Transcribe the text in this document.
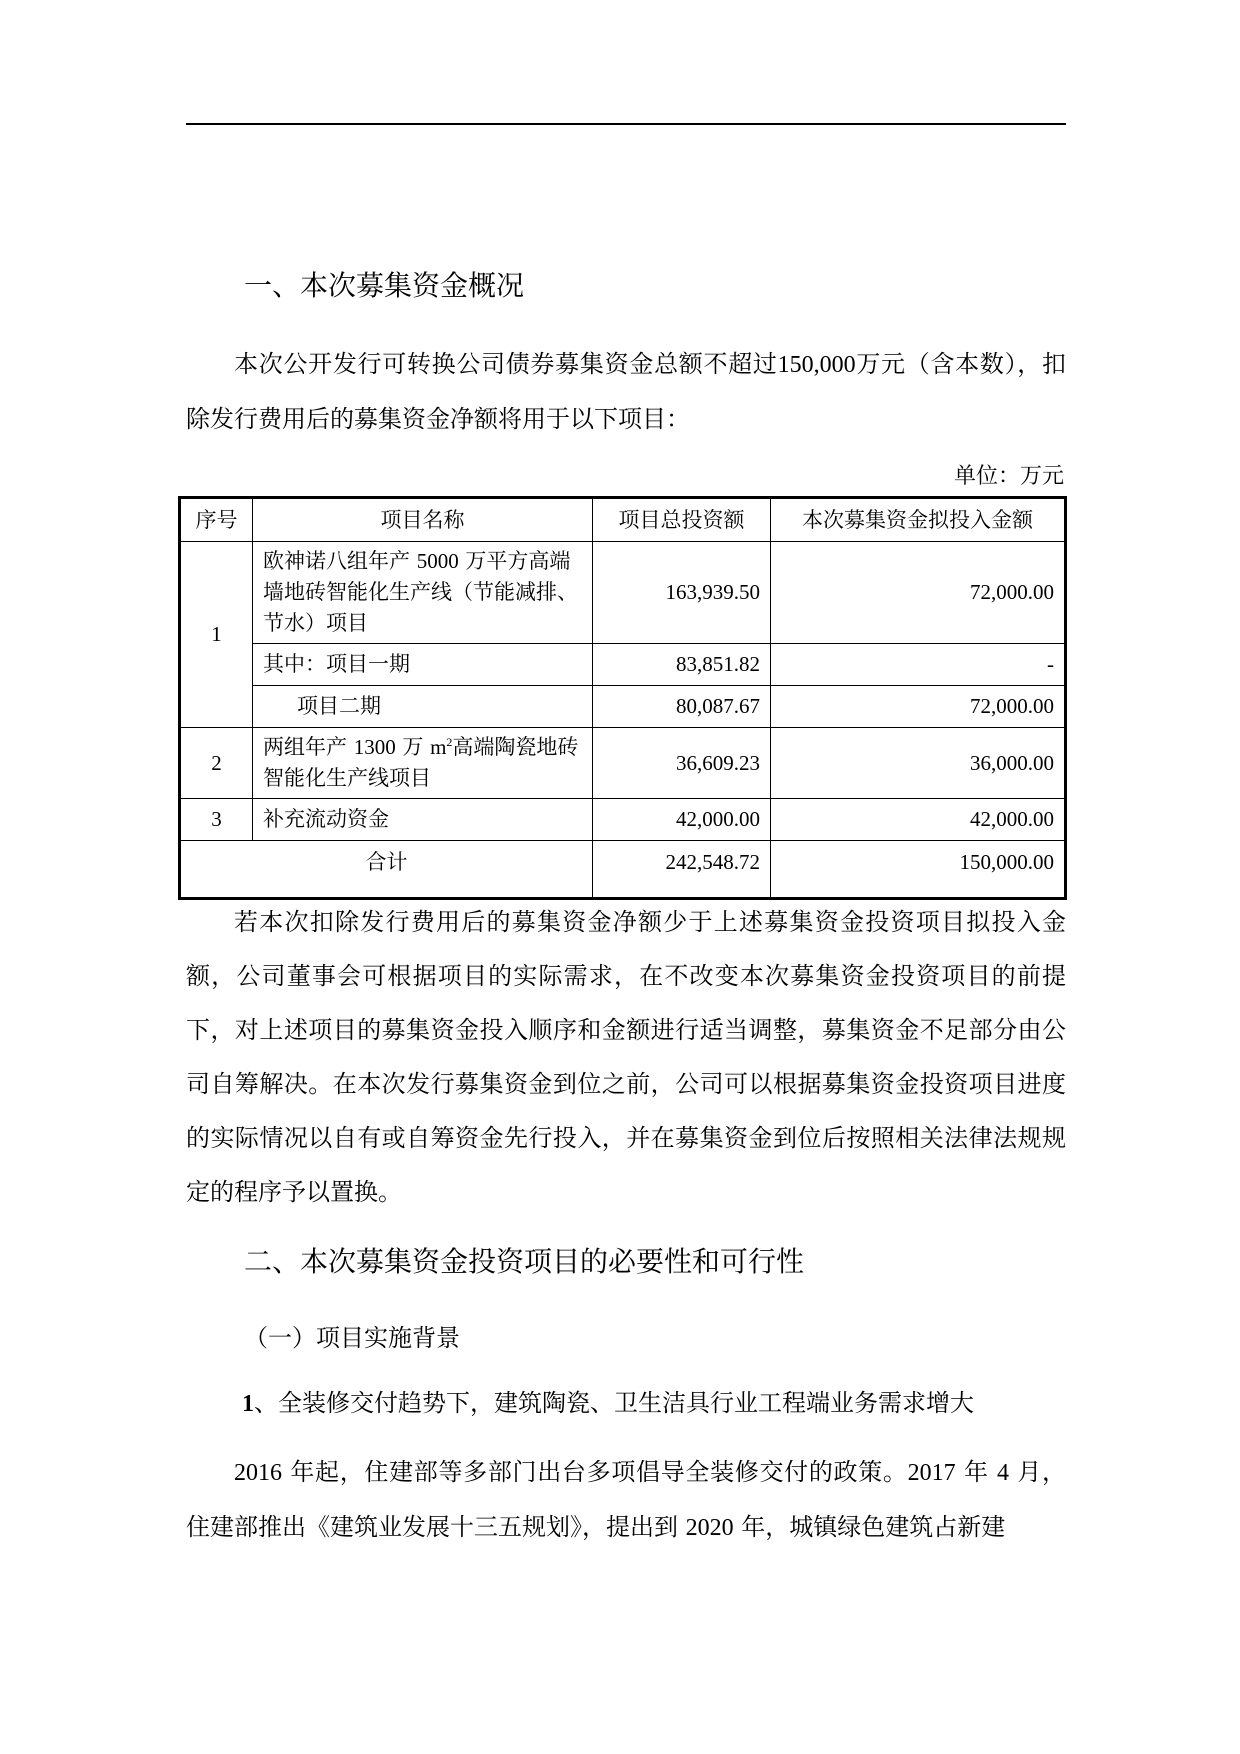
一、本次募集资金概况
本次公开发行可转换公司债券募集资金总额不超过150,000万元（含本数），扣除发行费用后的募集资金净额将用于以下项目：
单位：万元
序号	项目名称	项目总投资额	本次募集资金拟投入金额
1	欧神诺八组年产 5000 万平方高端墙地砖智能化生产线（节能减排、节水）项目	163,939.50	72,000.00
	其中：项目一期	83,851.82	-
	项目二期	80,087.67	72,000.00
2	两组年产 1300 万 $m^2$高端陶瓷地砖智能化生产线项目	36,609.23	36,000.00
3	补充流动资金	42,000.00	42,000.00
合计		242,548.72	150,000.00
若本次扣除发行费用后的募集资金净额少于上述募集资金投资项目拟投入金额，公司董事会可根据项目的实际需求，在不改变本次募集资金投资项目的前提下，对上述项目的募集资金投入顺序和金额进行适当调整，募集资金不足部分由公司自筹解决。在本次发行募集资金到位之前，公司可以根据募集资金投资项目进度的实际情况以自有或自筹资金先行投入，并在募集资金到位后按照相关法律法规规定的程序予以置换。
二、本次募集资金投资项目的必要性和可行性
（一）项目实施背景
1、全装修交付趋势下，建筑陶瓷、卫生洁具行业工程端业务需求增大
2016 年起，住建部等多部门出台多项倡导全装修交付的政策。2017 年 4 月，住建部推出《建筑业发展十三五规划》，提出到 2020 年，城镇绿色建筑占新建
